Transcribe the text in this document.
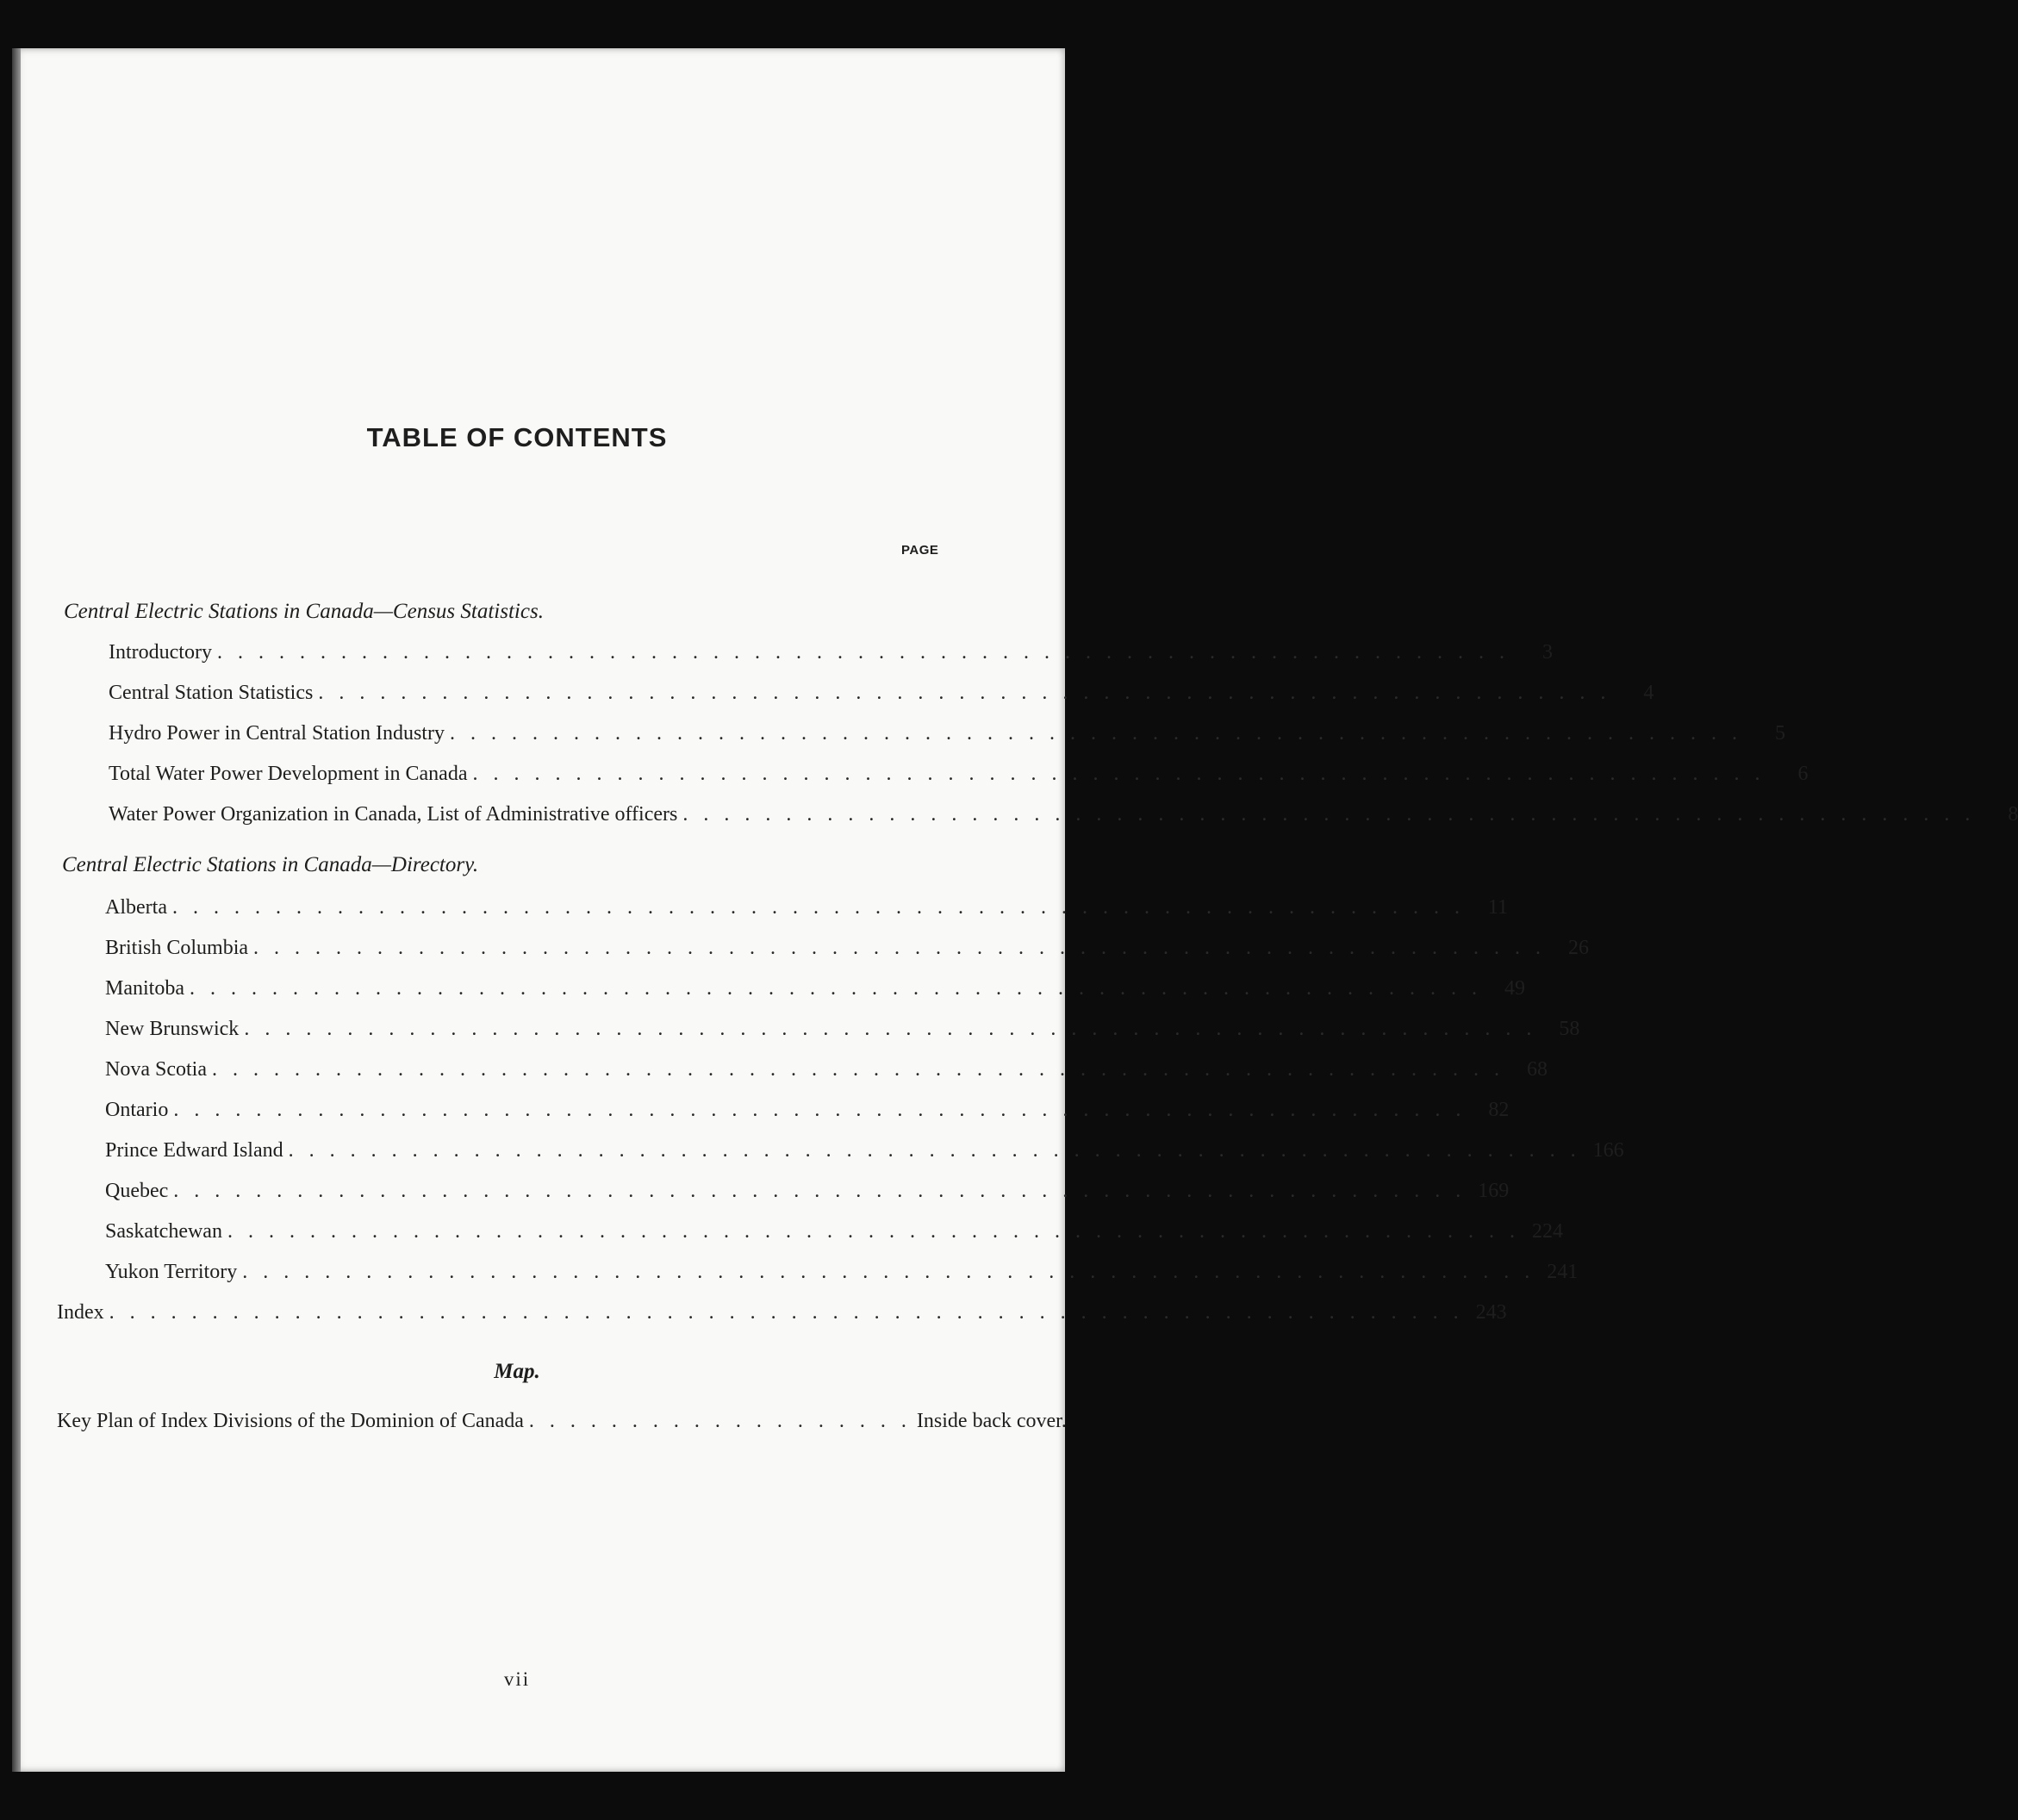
TABLE OF CONTENTS
PAGE
Central Electric Stations in Canada—Census Statistics.
Introductory . . . . . . . . . . . . . . . . . . . . . . . . . . . . . . . . . . . . . . . . . . . . . . . . . . . . . . . . . . . . . . .	3
Central Station Statistics . . . . . . . . . . . . . . . . . . . . . . . . . . . . . . . . . . . . . . . . . . . . . . . . . . . . . . . . . . . . . . .	4
Hydro Power in Central Station Industry . . . . . . . . . . . . . . . . . . . . . . . . . . . . . . . . . . . . . . . . . . . . . . . . . . . . . . . . . . . . . . .	5
Total Water Power Development in Canada . . . . . . . . . . . . . . . . . . . . . . . . . . . . . . . . . . . . . . . . . . . . . . . . . . . . . . . . . . . . . . .	6
Water Power Organization in Canada, List of Administrative officers . . . . . . . . . . . . . . . . . . . . . . . . . . . . . . . . . . . . . . . . . . . . . . . . . . . . . . . . . . . . . . .	8
Central Electric Stations in Canada—Directory.
Alberta . . . . . . . . . . . . . . . . . . . . . . . . . . . . . . . . . . . . . . . . . . . . . . . . . . . . . . . . . . . . . . .	11
British Columbia . . . . . . . . . . . . . . . . . . . . . . . . . . . . . . . . . . . . . . . . . . . . . . . . . . . . . . . . . . . . . . .	26
Manitoba . . . . . . . . . . . . . . . . . . . . . . . . . . . . . . . . . . . . . . . . . . . . . . . . . . . . . . . . . . . . . . .	49
New Brunswick . . . . . . . . . . . . . . . . . . . . . . . . . . . . . . . . . . . . . . . . . . . . . . . . . . . . . . . . . . . . . . .	58
Nova Scotia . . . . . . . . . . . . . . . . . . . . . . . . . . . . . . . . . . . . . . . . . . . . . . . . . . . . . . . . . . . . . . .	68
Ontario . . . . . . . . . . . . . . . . . . . . . . . . . . . . . . . . . . . . . . . . . . . . . . . . . . . . . . . . . . . . . . .	82
Prince Edward Island . . . . . . . . . . . . . . . . . . . . . . . . . . . . . . . . . . . . . . . . . . . . . . . . . . . . . . . . . . . . . . . 166
Quebec . . . . . . . . . . . . . . . . . . . . . . . . . . . . . . . . . . . . . . . . . . . . . . . . . . . . . . . . . . . . . . . 169
Saskatchewan . . . . . . . . . . . . . . . . . . . . . . . . . . . . . . . . . . . . . . . . . . . . . . . . . . . . . . . . . . . . . . . 224
Yukon Territory . . . . . . . . . . . . . . . . . . . . . . . . . . . . . . . . . . . . . . . . . . . . . . . . . . . . . . . . . . . . . . . 241
Index . . . . . . . . . . . . . . . . . . . . . . . . . . . . . . . . . . . . . . . . . . . . . . . . . . . . . . . . . . . . . . . . . . 243
Map.
Key Plan of Index Divisions of the Dominion of Canada . . . . . . . . . . . . . . . . . . . Inside back cover.
vii
